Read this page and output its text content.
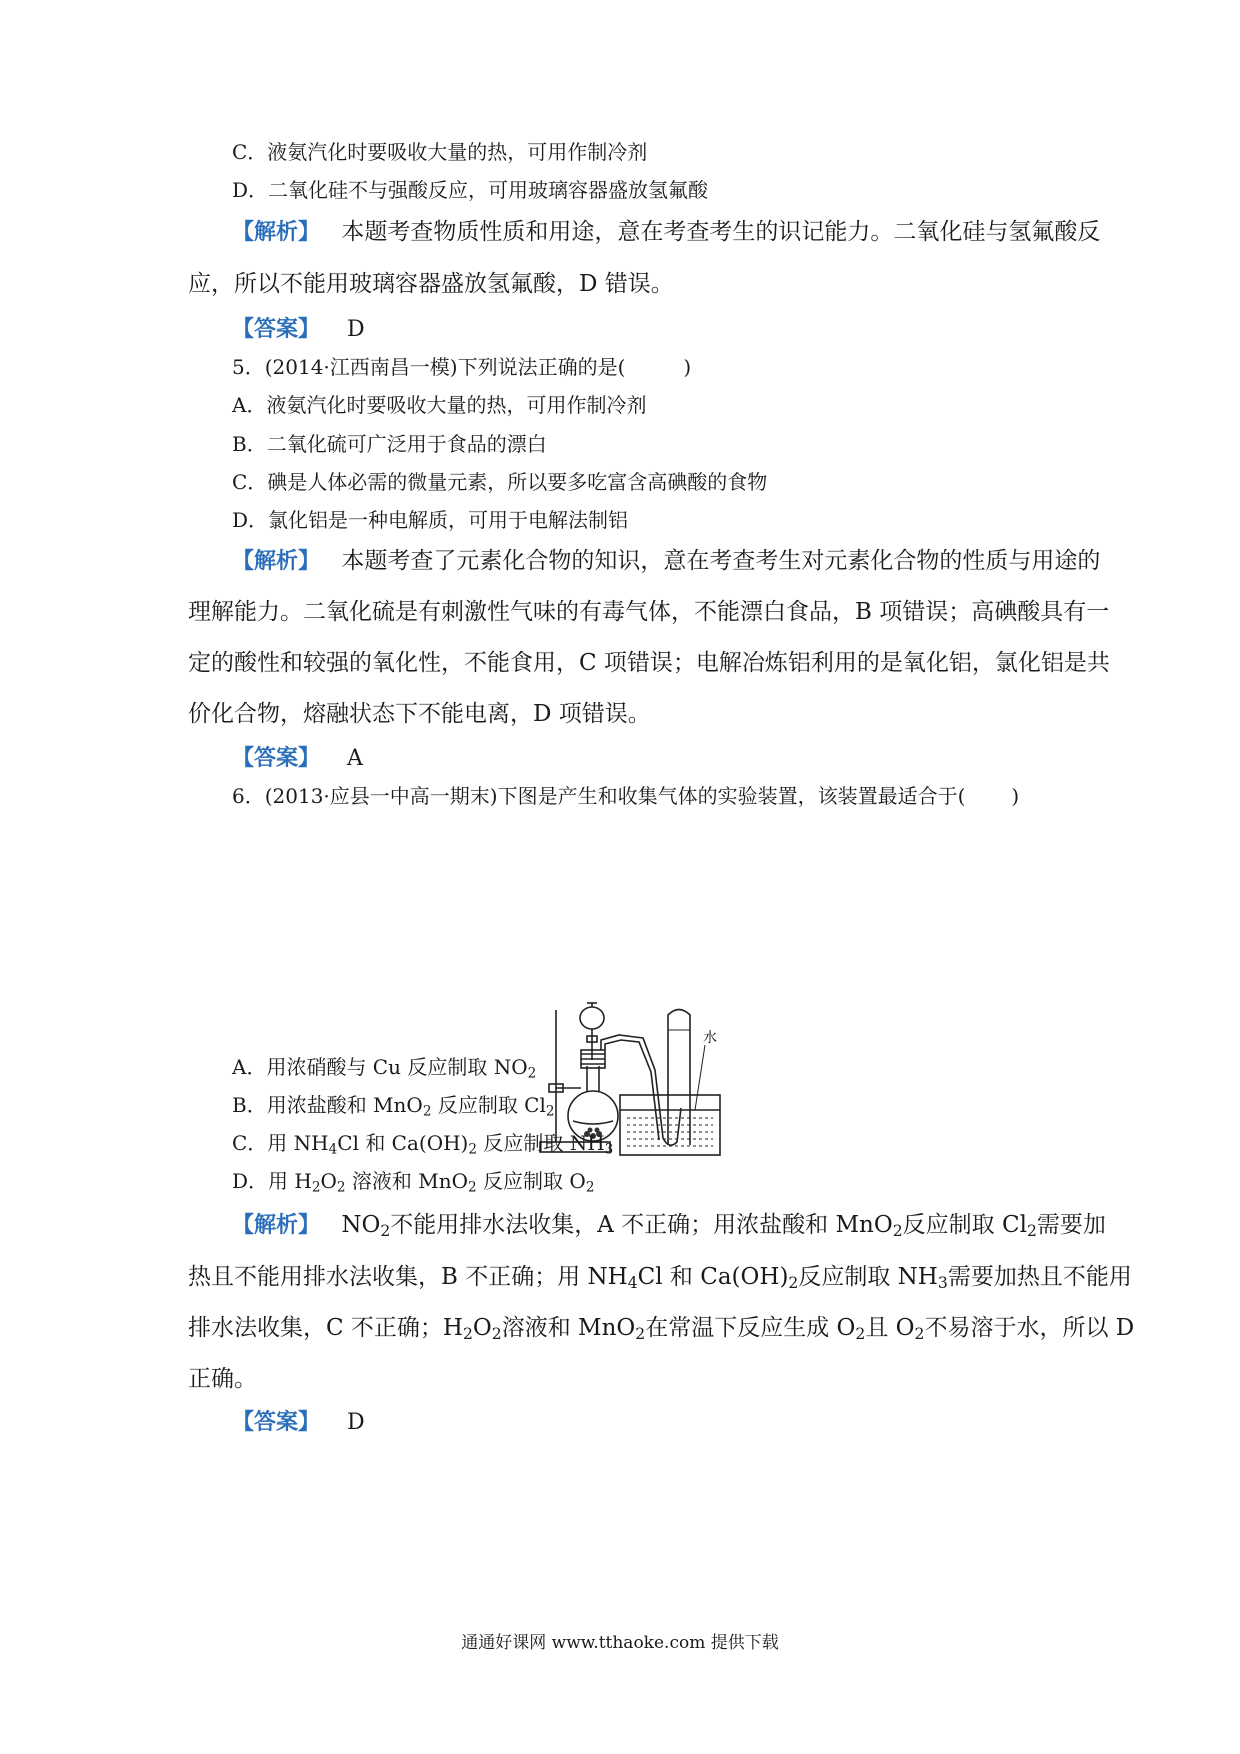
C．液氨汽化时要吸收大量的热，可用作制冷剂
D．二氧化硅不与强酸反应，可用玻璃容器盛放氢氟酸
【解析】 本题考查物质性质和用途，意在考查考生的识记能力。二氧化硅与氢氟酸反
应，所以不能用玻璃容器盛放氢氟酸，D 错误。
【答案】 D
5．(2014·江西南昌一模)下列说法正确的是(	)
A．液氨汽化时要吸收大量的热，可用作制冷剂
B．二氧化硫可广泛用于食品的漂白
C．碘是人体必需的微量元素，所以要多吃富含高碘酸的食物
D．氯化铝是一种电解质，可用于电解法制铝
【解析】 本题考查了元素化合物的知识，意在考查考生对元素化合物的性质与用途的
理解能力。二氧化硫是有刺激性气味的有毒气体，不能漂白食品，B 项错误；高碘酸具有一
定的酸性和较强的氧化性，不能食用，C 项错误；电解冶炼铝利用的是氧化铝，氯化铝是共
价化合物，熔融状态下不能电离，D 项错误。
【答案】 A
6．(2013·应县一中高一期末)下图是产生和收集气体的实验装置，该装置最适合于( )
水
A．用浓硝酸与 Cu 反应制取 $NO_2$
B．用浓盐酸和 MnO$_2$ 反应制取 $Cl_2$
C．用 $NH_4Cl$ 和 $Ca(OH)_2$ 反应制取 $NH_3$
D．用 $H_2O_2$ 溶液和 MnO$_2$ 反应制取 $O_2$
【解析】 $NO_2$不能用排水法收集，A 不正确；用浓盐酸和 MnO$_2$反应制取 $Cl_2$需要加
热且不能用排水法收集，B 不正确；用 $NH_4Cl$ 和 $Ca(OH)_2$反应制取 $NH_3$需要加热且不能用
排水法收集，C 不正确；$H_2O_2$溶液和 MnO$_2$在常温下反应生成 $O_2$且 $O_2$不易溶于水，所以 D
正确。
【答案】 D
通通好课网 www.tthaoke.com 提供下载
